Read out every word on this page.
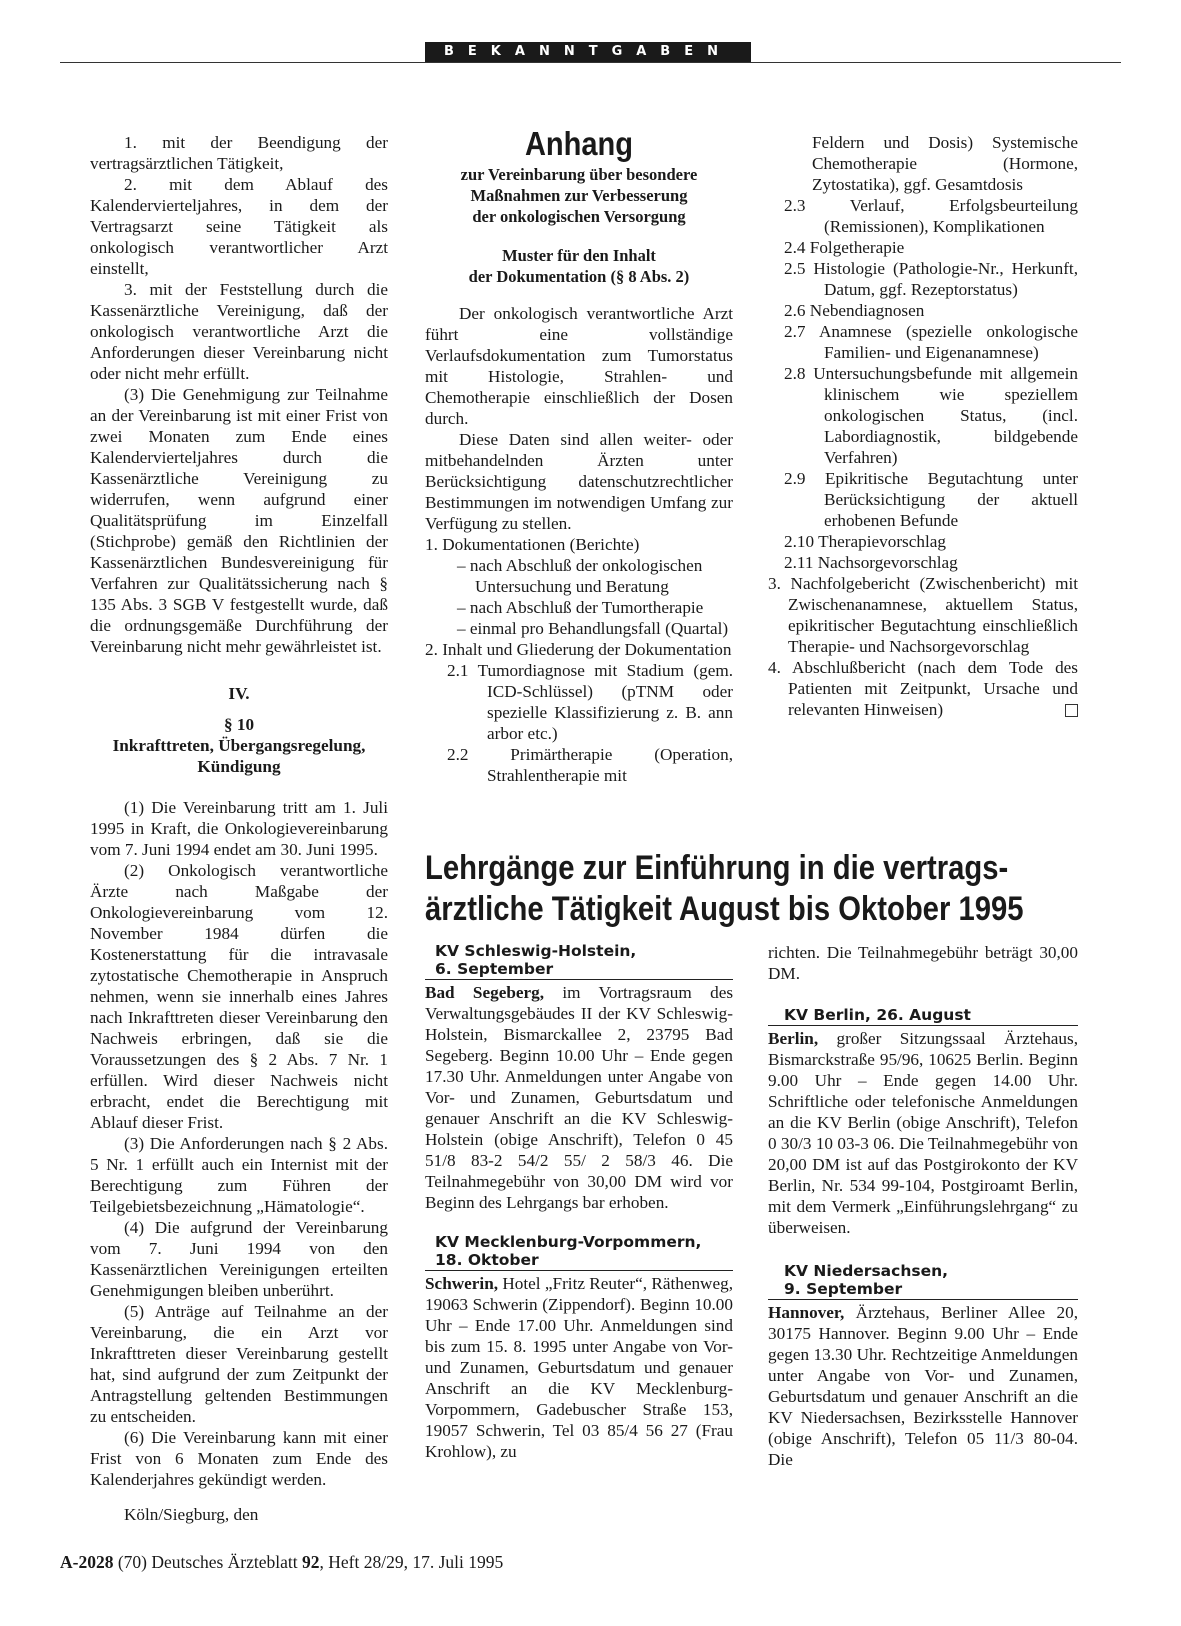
BEKANNTGABEN

1. mit der Beendigung der vertragsärztlichen Tätigkeit,

2. mit dem Ablauf des Kalendervierteljahres, in dem der Vertragsarzt seine Tätigkeit als onkologisch verantwortlicher Arzt einstellt,

3. mit der Feststellung durch die Kassenärztliche Vereinigung, daß der onkologisch verantwortliche Arzt die Anforderungen dieser Vereinbarung nicht oder nicht mehr erfüllt.

(3) Die Genehmigung zur Teilnahme an der Vereinbarung ist mit einer Frist von zwei Monaten zum Ende eines Kalendervierteljahres durch die Kassenärztliche Vereinigung zu widerrufen, wenn aufgrund einer Qualitätsprüfung im Einzelfall (Stichprobe) gemäß den Richtlinien der Kassenärztlichen Bundesvereinigung für Verfahren zur Qualitätssicherung nach § 135 Abs. 3 SGB V festgestellt wurde, daß die ordnungsgemäße Durchführung der Vereinbarung nicht mehr gewährleistet ist.

IV.

§ 10

Inkrafttreten, Übergangsregelung,

Kündigung

(1) Die Vereinbarung tritt am 1. Juli 1995 in Kraft, die Onkologievereinbarung vom 7. Juni 1994 endet am 30. Juni 1995.

(2) Onkologisch verantwortliche Ärzte nach Maßgabe der Onkologievereinbarung vom 12. November 1984 dürfen die Kostenerstattung für die intravasale zytostatische Chemotherapie in Anspruch nehmen, wenn sie innerhalb eines Jahres nach Inkrafttreten dieser Vereinbarung den Nachweis erbringen, daß sie die Voraussetzungen des § 2 Abs. 7 Nr. 1 erfüllen. Wird dieser Nachweis nicht erbracht, endet die Berechtigung mit Ablauf dieser Frist.

(3) Die Anforderungen nach § 2 Abs. 5 Nr. 1 erfüllt auch ein Internist mit der Berechtigung zum Führen der Teilgebietsbezeichnung „Hämatologie“.

(4) Die aufgrund der Vereinbarung vom 7. Juni 1994 von den Kassenärztlichen Vereinigungen erteilten Genehmigungen bleiben unberührt.

(5) Anträge auf Teilnahme an der Vereinbarung, die ein Arzt vor Inkrafttreten dieser Vereinbarung gestellt hat, sind aufgrund der zum Zeitpunkt der Antragstellung geltenden Bestimmungen zu entscheiden.

(6) Die Vereinbarung kann mit einer Frist von 6 Monaten zum Ende des Kalenderjahres gekündigt werden.

Köln/Siegburg, den

Anhang

zur Vereinbarung über besondere

Maßnahmen zur Verbesserung

der onkologischen Versorgung

Muster für den Inhalt

der Dokumentation (§ 8 Abs. 2)

Der onkologisch verantwortliche Arzt führt eine vollständige Verlaufsdokumentation zum Tumorstatus mit Histologie, Strahlen- und Chemotherapie einschließlich der Dosen durch.

Diese Daten sind allen weiter- oder mitbehandelnden Ärzten unter Berücksichtigung datenschutzrechtlicher Bestimmungen im notwendigen Umfang zur Verfügung zu stellen.

1. Dokumentationen (Berichte)

– nach Abschluß der onkologischen Untersuchung und Beratung

– nach Abschluß der Tumortherapie

– einmal pro Behandlungsfall (Quartal)

2. Inhalt und Gliederung der Dokumentation

2.1 Tumordiagnose mit Stadium (gem. ICD-Schlüssel) (pTNM oder spezielle Klassifizierung z. B. ann arbor etc.)

2.2 Primärtherapie (Operation, Strahlentherapie mit

Feldern und Dosis) Systemische Chemotherapie (Hormone, Zytostatika), ggf. Gesamtdosis

2.3 Verlauf, Erfolgsbeurteilung (Remissionen), Komplikationen

2.4 Folgetherapie

2.5 Histologie (Pathologie-Nr., Herkunft, Datum, ggf. Rezeptorstatus)

2.6 Nebendiagnosen

2.7 Anamnese (spezielle onkologische Familien- und Eigenanamnese)

2.8 Untersuchungsbefunde mit allgemein klinischem wie speziellem onkologischen Status, (incl. Labordiagnostik, bildgebende Verfahren)

2.9 Epikritische Begutachtung unter Berücksichtigung der aktuell erhobenen Befunde

2.10 Therapievorschlag

2.11 Nachsorgevorschlag

3. Nachfolgebericht (Zwischenbericht) mit Zwischenanamnese, aktuellem Status, epikritischer Begutachtung einschließlich Therapie- und Nachsorgevorschlag

4. Abschlußbericht (nach dem Tode des Patienten mit Zeitpunkt, Ursache und relevanten Hinweisen)

Lehrgänge zur Einführung in die vertrags-
ärztliche Tätigkeit August bis Oktober 1995
KV Schleswig-Holstein,
6. September

Bad Segeberg, im Vortragsraum des Verwaltungsgebäudes II der KV Schleswig-Holstein, Bismarckallee 2, 23795 Bad Segeberg. Beginn 10.00 Uhr – Ende gegen 17.30 Uhr. Anmeldungen unter Angabe von Vor- und Zunamen, Geburtsdatum und genauer Anschrift an die KV Schleswig-Holstein (obige Anschrift), Telefon 0 45 51/8 83-2 54/2 55/ 2 58/3 46. Die Teilnahmegebühr von 30,00 DM wird vor Beginn des Lehrgangs bar erhoben.

KV Mecklenburg-Vorpommern,
18. Oktober

Schwerin, Hotel „Fritz Reuter“, Räthenweg, 19063 Schwerin (Zippendorf). Beginn 10.00 Uhr – Ende 17.00 Uhr. Anmeldungen sind bis zum 15. 8. 1995 unter Angabe von Vor- und Zunamen, Geburtsdatum und genauer Anschrift an die KV Mecklenburg-Vorpommern, Gadebuscher Straße 153, 19057 Schwerin, Tel 03 85/4 56 27 (Frau Krohlow), zu

richten. Die Teilnahmegebühr beträgt 30,00 DM.

KV Berlin, 26. August

Berlin, großer Sitzungssaal Ärztehaus, Bismarckstraße 95/96, 10625 Berlin. Beginn 9.00 Uhr – Ende gegen 14.00 Uhr. Schriftliche oder telefonische Anmeldungen an die KV Berlin (obige Anschrift), Telefon 0 30/3 10 03-3 06. Die Teilnahmegebühr von 20,00 DM ist auf das Postgirokonto der KV Berlin, Nr. 534 99-104, Postgiroamt Berlin, mit dem Vermerk „Einführungslehrgang“ zu überweisen.

KV Niedersachsen,
9. September

Hannover, Ärztehaus, Berliner Allee 20, 30175 Hannover. Beginn 9.00 Uhr – Ende gegen 13.30 Uhr. Rechtzeitige Anmeldungen unter Angabe von Vor- und Zunamen, Geburtsdatum und genauer Anschrift an die KV Niedersachsen, Bezirksstelle Hannover (obige Anschrift), Telefon 05 11/3 80-04. Die

A-2028 (70) Deutsches Ärzteblatt 92, Heft 28/29, 17. Juli 1995
